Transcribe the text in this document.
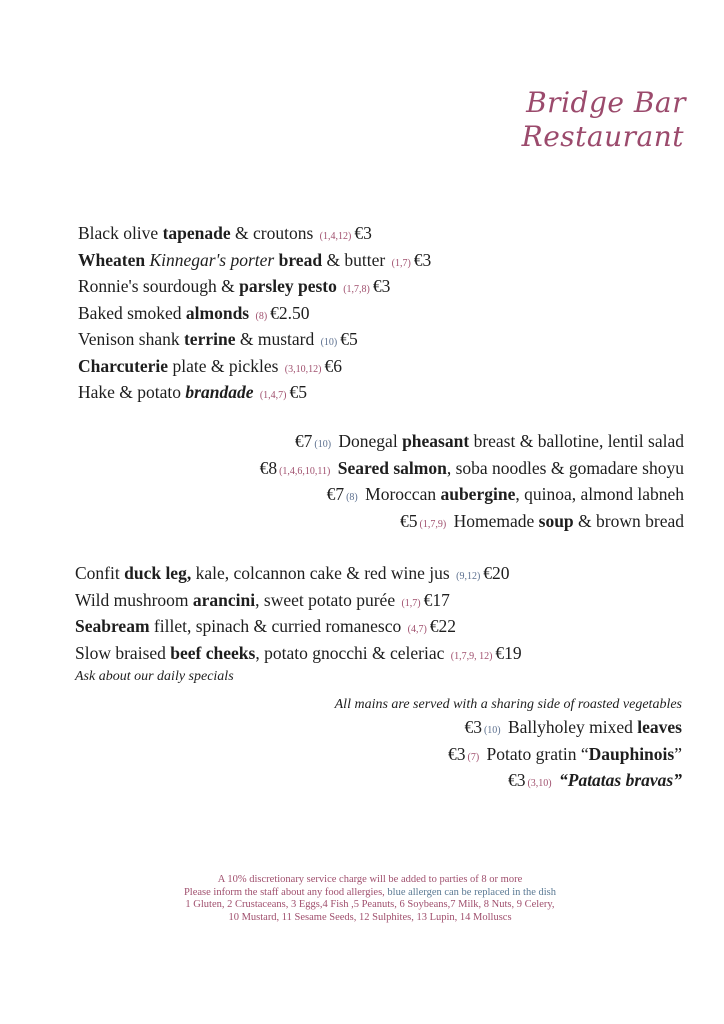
Bridge Bar
Restaurant
Black olive tapenade & croutons (1,4,12) €3
Wheaten Kinnegar's porter bread & butter (1,7) €3
Ronnie's sourdough & parsley pesto (1,7,8) €3
Baked smoked almonds (8) €2.50
Venison shank terrine & mustard (10) €5
Charcuterie plate & pickles (3,10,12) €6
Hake & potato brandade (1,4,7) €5
€7 (10) Donegal pheasant breast & ballotine, lentil salad
€8 (1,4,6,10,11) Seared salmon, soba noodles & gomadare shoyu
€7 (8) Moroccan aubergine, quinoa, almond labneh
€5 (1,7,9) Homemade soup & brown bread
Confit duck leg, kale, colcannon cake & red wine jus (9,12) €20
Wild mushroom arancini, sweet potato purée (1,7) €17
Seabream fillet, spinach & curried romanesco (4,7) €22
Slow braised beef cheeks, potato gnocchi & celeriac (1,7,9, 12) €19
Ask about our daily specials
All mains are served with a sharing side of roasted vegetables
€3 (10) Ballyholey mixed leaves
€3 (7) Potato gratin “Dauphinois”
€3 (3,10) “Patatas bravas”
A 10% discretionary service charge will be added to parties of 8 or more
Please inform the staff about any food allergies, blue allergen can be replaced in the dish
1 Gluten, 2 Crustaceans, 3 Eggs,4 Fish ,5 Peanuts, 6 Soybeans,7 Milk, 8 Nuts, 9 Celery,
10 Mustard, 11 Sesame Seeds, 12 Sulphites, 13 Lupin, 14 Molluscs
